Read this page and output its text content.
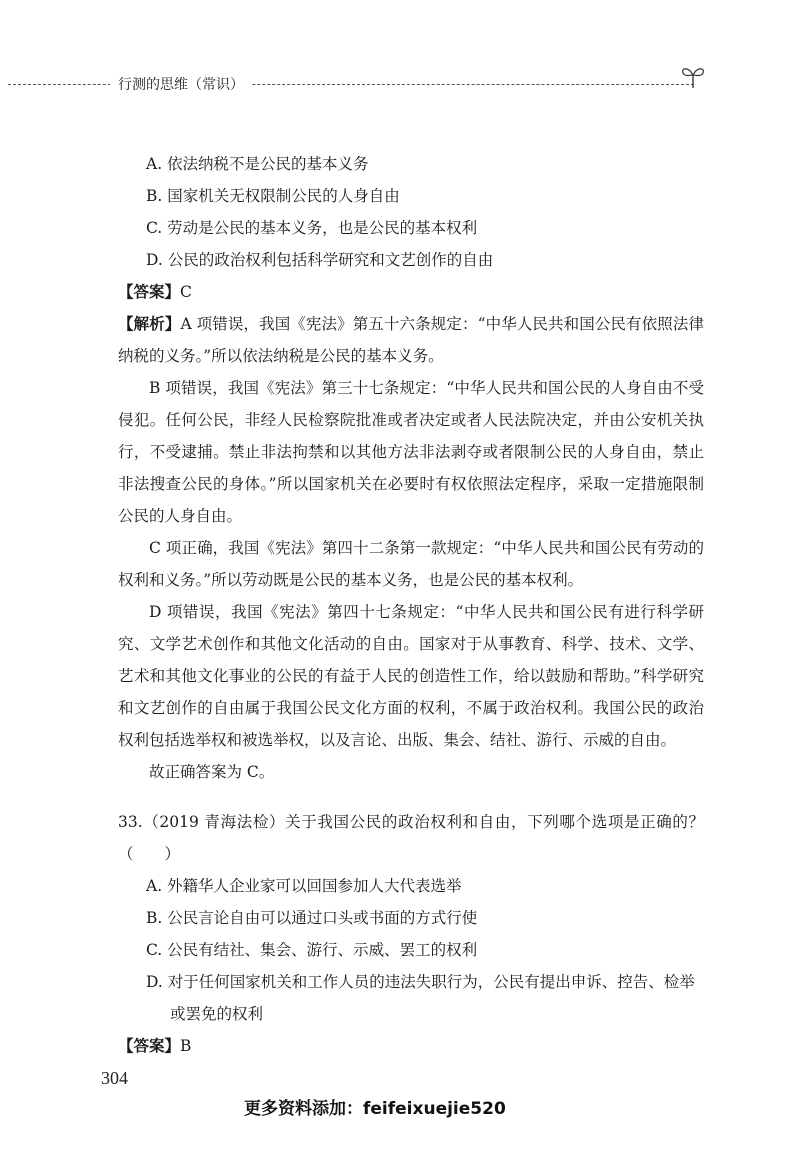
行测的思维（常识）
A. 依法纳税不是公民的基本义务
B. 国家机关无权限制公民的人身自由
C. 劳动是公民的基本义务，也是公民的基本权利
D. 公民的政治权利包括科学研究和文艺创作的自由
【答案】C
【解析】A 项错误，我国《宪法》第五十六条规定：“中华人民共和国公民有依照法律纳税的义务。”所以依法纳税是公民的基本义务。
B 项错误，我国《宪法》第三十七条规定：“中华人民共和国公民的人身自由不受侵犯。任何公民，非经人民检察院批准或者决定或者人民法院决定，并由公安机关执行，不受逮捕。禁止非法拘禁和以其他方法非法剥夺或者限制公民的人身自由，禁止非法搜查公民的身体。”所以国家机关在必要时有权依照法定程序，采取一定措施限制公民的人身自由。
C 项正确，我国《宪法》第四十二条第一款规定：“中华人民共和国公民有劳动的权利和义务。”所以劳动既是公民的基本义务，也是公民的基本权利。
D 项错误，我国《宪法》第四十七条规定：“中华人民共和国公民有进行科学研究、文学艺术创作和其他文化活动的自由。国家对于从事教育、科学、技术、文学、艺术和其他文化事业的公民的有益于人民的创造性工作，给以鼓励和帮助。”科学研究和文艺创作的自由属于我国公民文化方面的权利，不属于政治权利。我国公民的政治权利包括选举权和被选举权，以及言论、出版、集会、结社、游行、示威的自由。
故正确答案为 C。
33.（2019 青海法检）关于我国公民的政治权利和自由，下列哪个选项是正确的？（　　）
A. 外籍华人企业家可以回国参加人大代表选举
B. 公民言论自由可以通过口头或书面的方式行使
C. 公民有结社、集会、游行、示威、罢工的权利
D. 对于任何国家机关和工作人员的违法失职行为，公民有提出申诉、控告、检举
或罢免的权利
【答案】B
304
更多资料添加：feifeixuejie520
